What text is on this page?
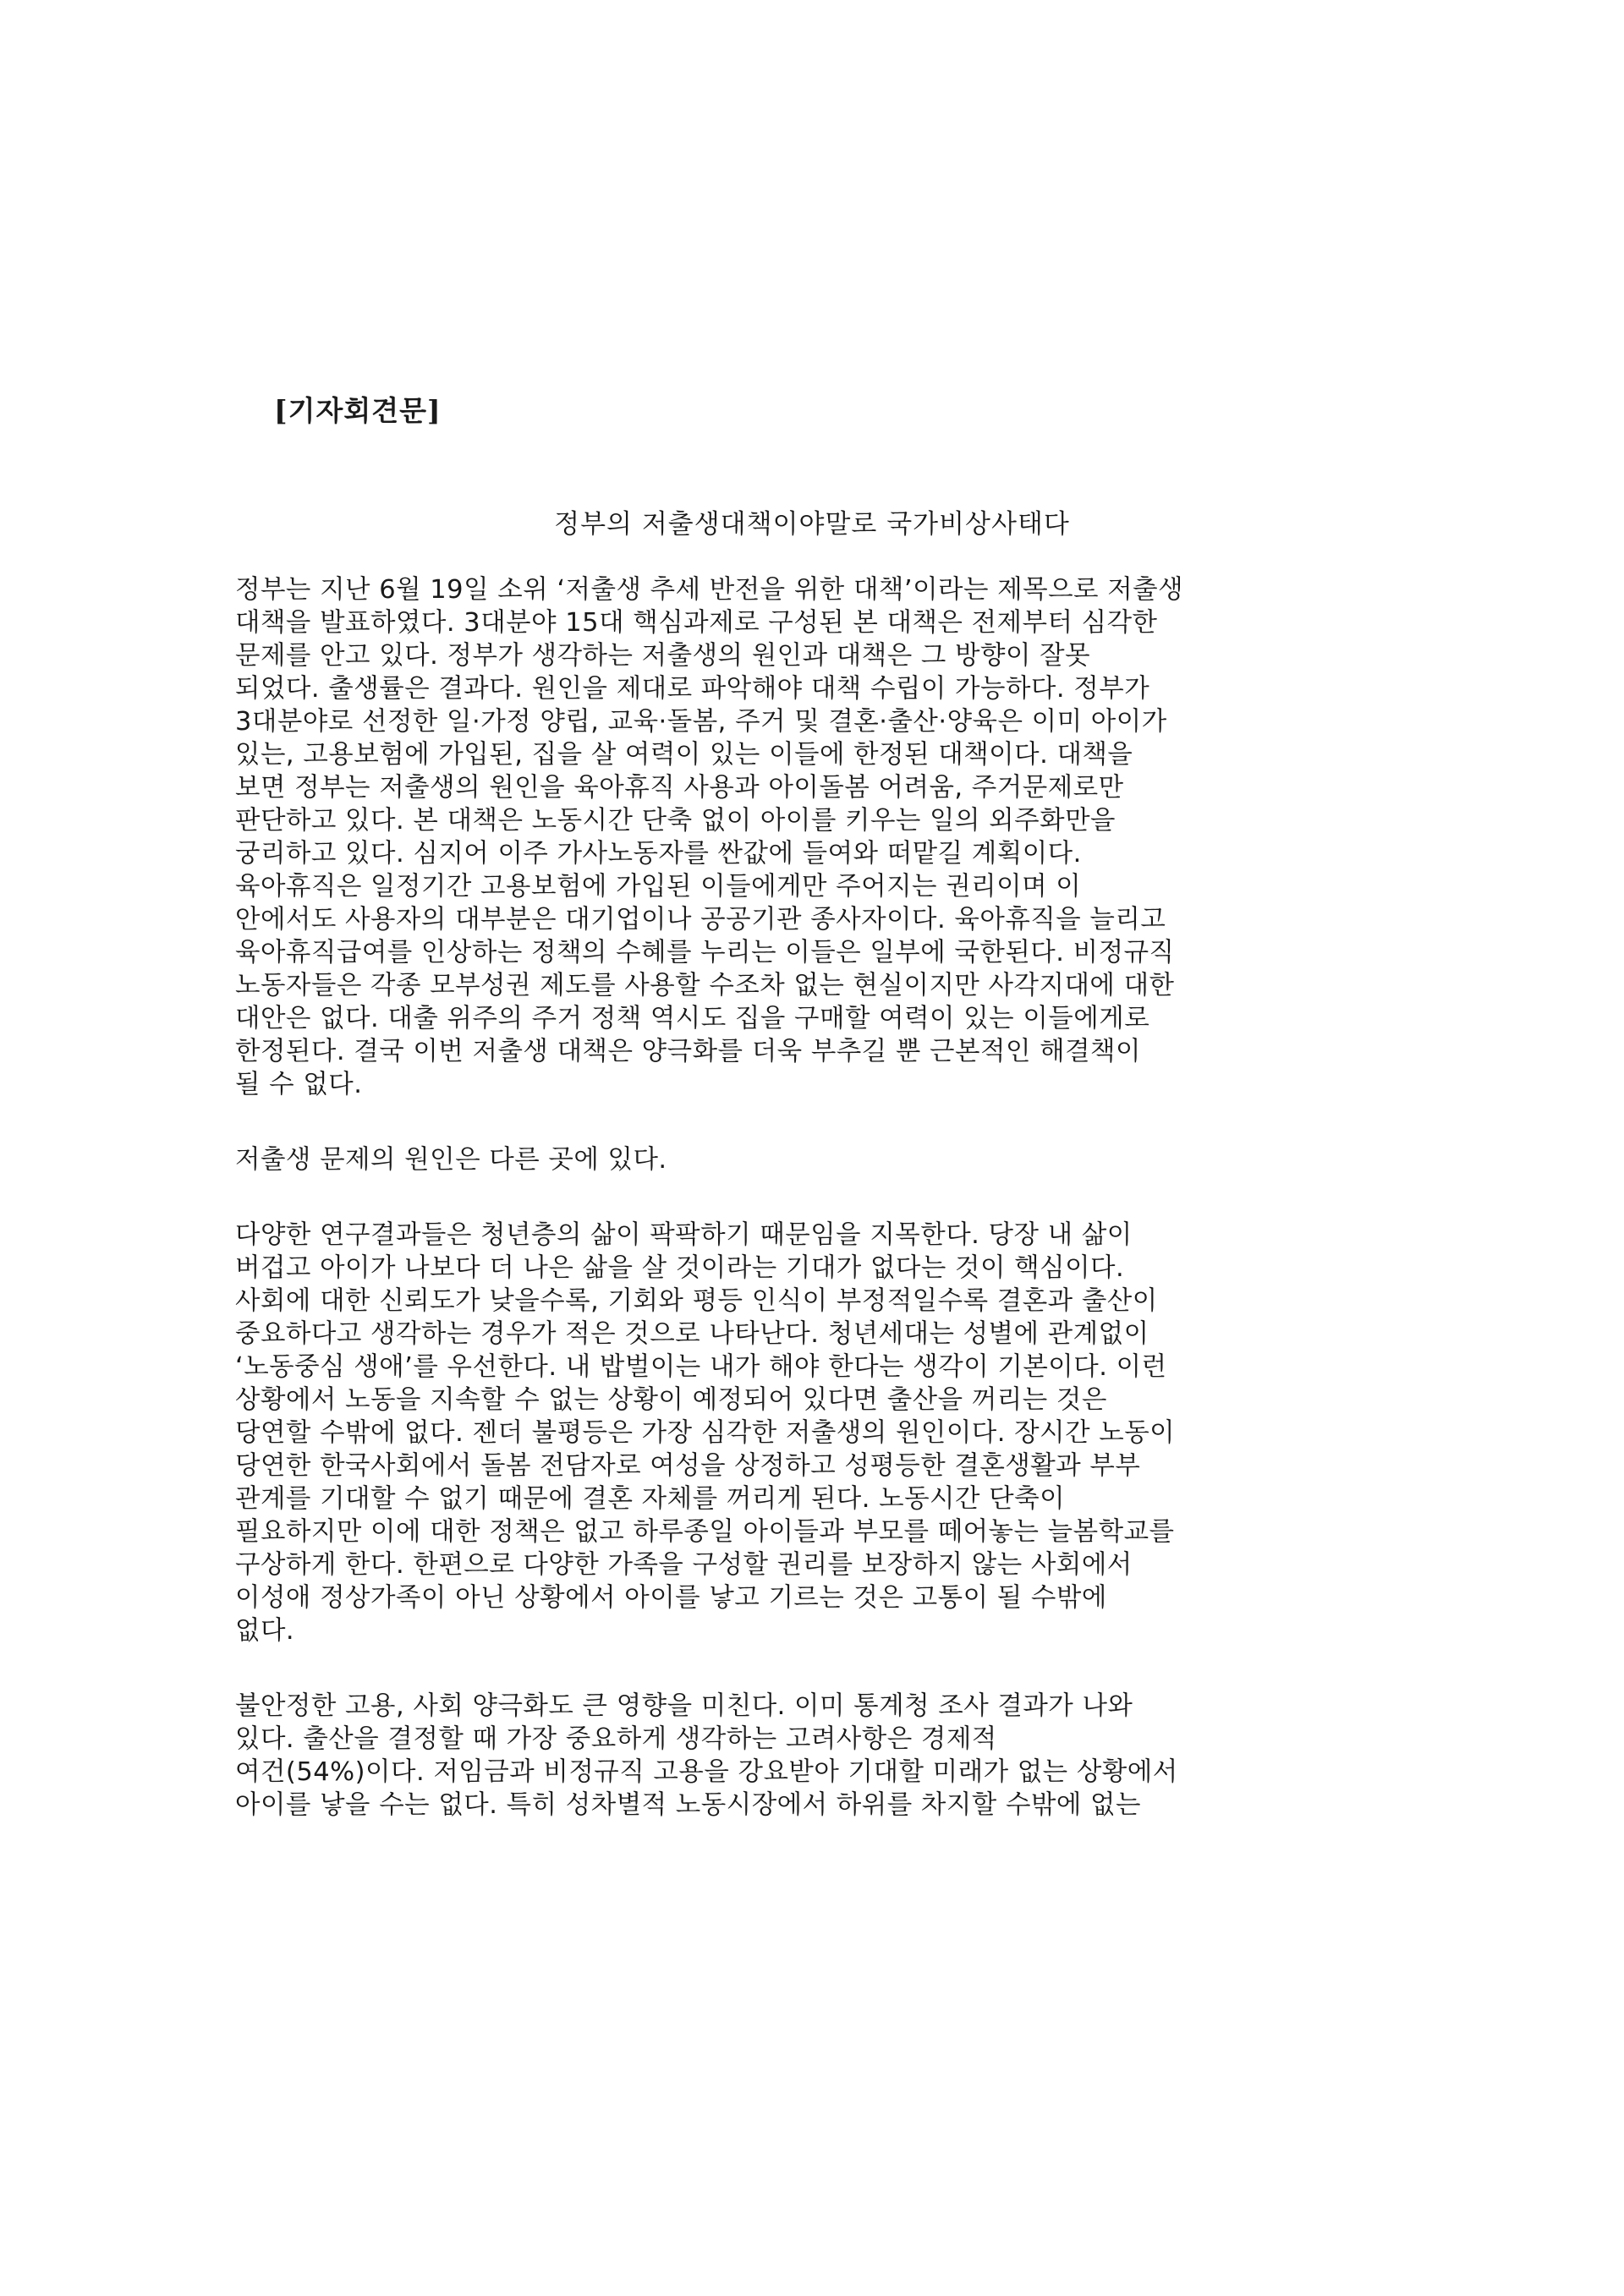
[기자회견문]
정부의 저출생대책이야말로 국가비상사태다

정부는 지난 6월 19일 소위 ‘저출생 추세 반전을 위한 대책’이라는 제목으로 저출생
대책을 발표하였다. 3대분야 15대 핵심과제로 구성된 본 대책은 전제부터 심각한
문제를 안고 있다. 정부가 생각하는 저출생의 원인과 대책은 그 방향이 잘못
되었다. 출생률은 결과다. 원인을 제대로 파악해야 대책 수립이 가능하다. 정부가
3대분야로 선정한 일·가정 양립, 교육·돌봄, 주거 및 결혼·출산·양육은 이미 아이가
있는, 고용보험에 가입된, 집을 살 여력이 있는 이들에 한정된 대책이다. 대책을
보면 정부는 저출생의 원인을 육아휴직 사용과 아이돌봄 어려움, 주거문제로만
판단하고 있다. 본 대책은 노동시간 단축 없이 아이를 키우는 일의 외주화만을
궁리하고 있다. 심지어 이주 가사노동자를 싼값에 들여와 떠맡길 계획이다.
육아휴직은 일정기간 고용보험에 가입된 이들에게만 주어지는 권리이며 이
안에서도 사용자의 대부분은 대기업이나 공공기관 종사자이다. 육아휴직을 늘리고
육아휴직급여를 인상하는 정책의 수혜를 누리는 이들은 일부에 국한된다. 비정규직
노동자들은 각종 모부성권 제도를 사용할 수조차 없는 현실이지만 사각지대에 대한
대안은 없다. 대출 위주의 주거 정책 역시도 집을 구매할 여력이 있는 이들에게로
한정된다. 결국 이번 저출생 대책은 양극화를 더욱 부추길 뿐 근본적인 해결책이
될 수 없다.

저출생 문제의 원인은 다른 곳에 있다.

다양한 연구결과들은 청년층의 삶이 팍팍하기 때문임을 지목한다. 당장 내 삶이
버겁고 아이가 나보다 더 나은 삶을 살 것이라는 기대가 없다는 것이 핵심이다.
사회에 대한 신뢰도가 낮을수록, 기회와 평등 인식이 부정적일수록 결혼과 출산이
중요하다고 생각하는 경우가 적은 것으로 나타난다. 청년세대는 성별에 관계없이
‘노동중심 생애’를 우선한다. 내 밥벌이는 내가 해야 한다는 생각이 기본이다. 이런
상황에서 노동을 지속할 수 없는 상황이 예정되어 있다면 출산을 꺼리는 것은
당연할 수밖에 없다. 젠더 불평등은 가장 심각한 저출생의 원인이다. 장시간 노동이
당연한 한국사회에서 돌봄 전담자로 여성을 상정하고 성평등한 결혼생활과 부부
관계를 기대할 수 없기 때문에 결혼 자체를 꺼리게 된다. 노동시간 단축이
필요하지만 이에 대한 정책은 없고 하루종일 아이들과 부모를 떼어놓는 늘봄학교를
구상하게 한다. 한편으로 다양한 가족을 구성할 권리를 보장하지 않는 사회에서
이성애 정상가족이 아닌 상황에서 아이를 낳고 기르는 것은 고통이 될 수밖에
없다.

불안정한 고용, 사회 양극화도 큰 영향을 미친다. 이미 통계청 조사 결과가 나와
있다. 출산을 결정할 때 가장 중요하게 생각하는 고려사항은 경제적
여건(54%)이다. 저임금과 비정규직 고용을 강요받아 기대할 미래가 없는 상황에서
아이를 낳을 수는 없다. 특히 성차별적 노동시장에서 하위를 차지할 수밖에 없는
